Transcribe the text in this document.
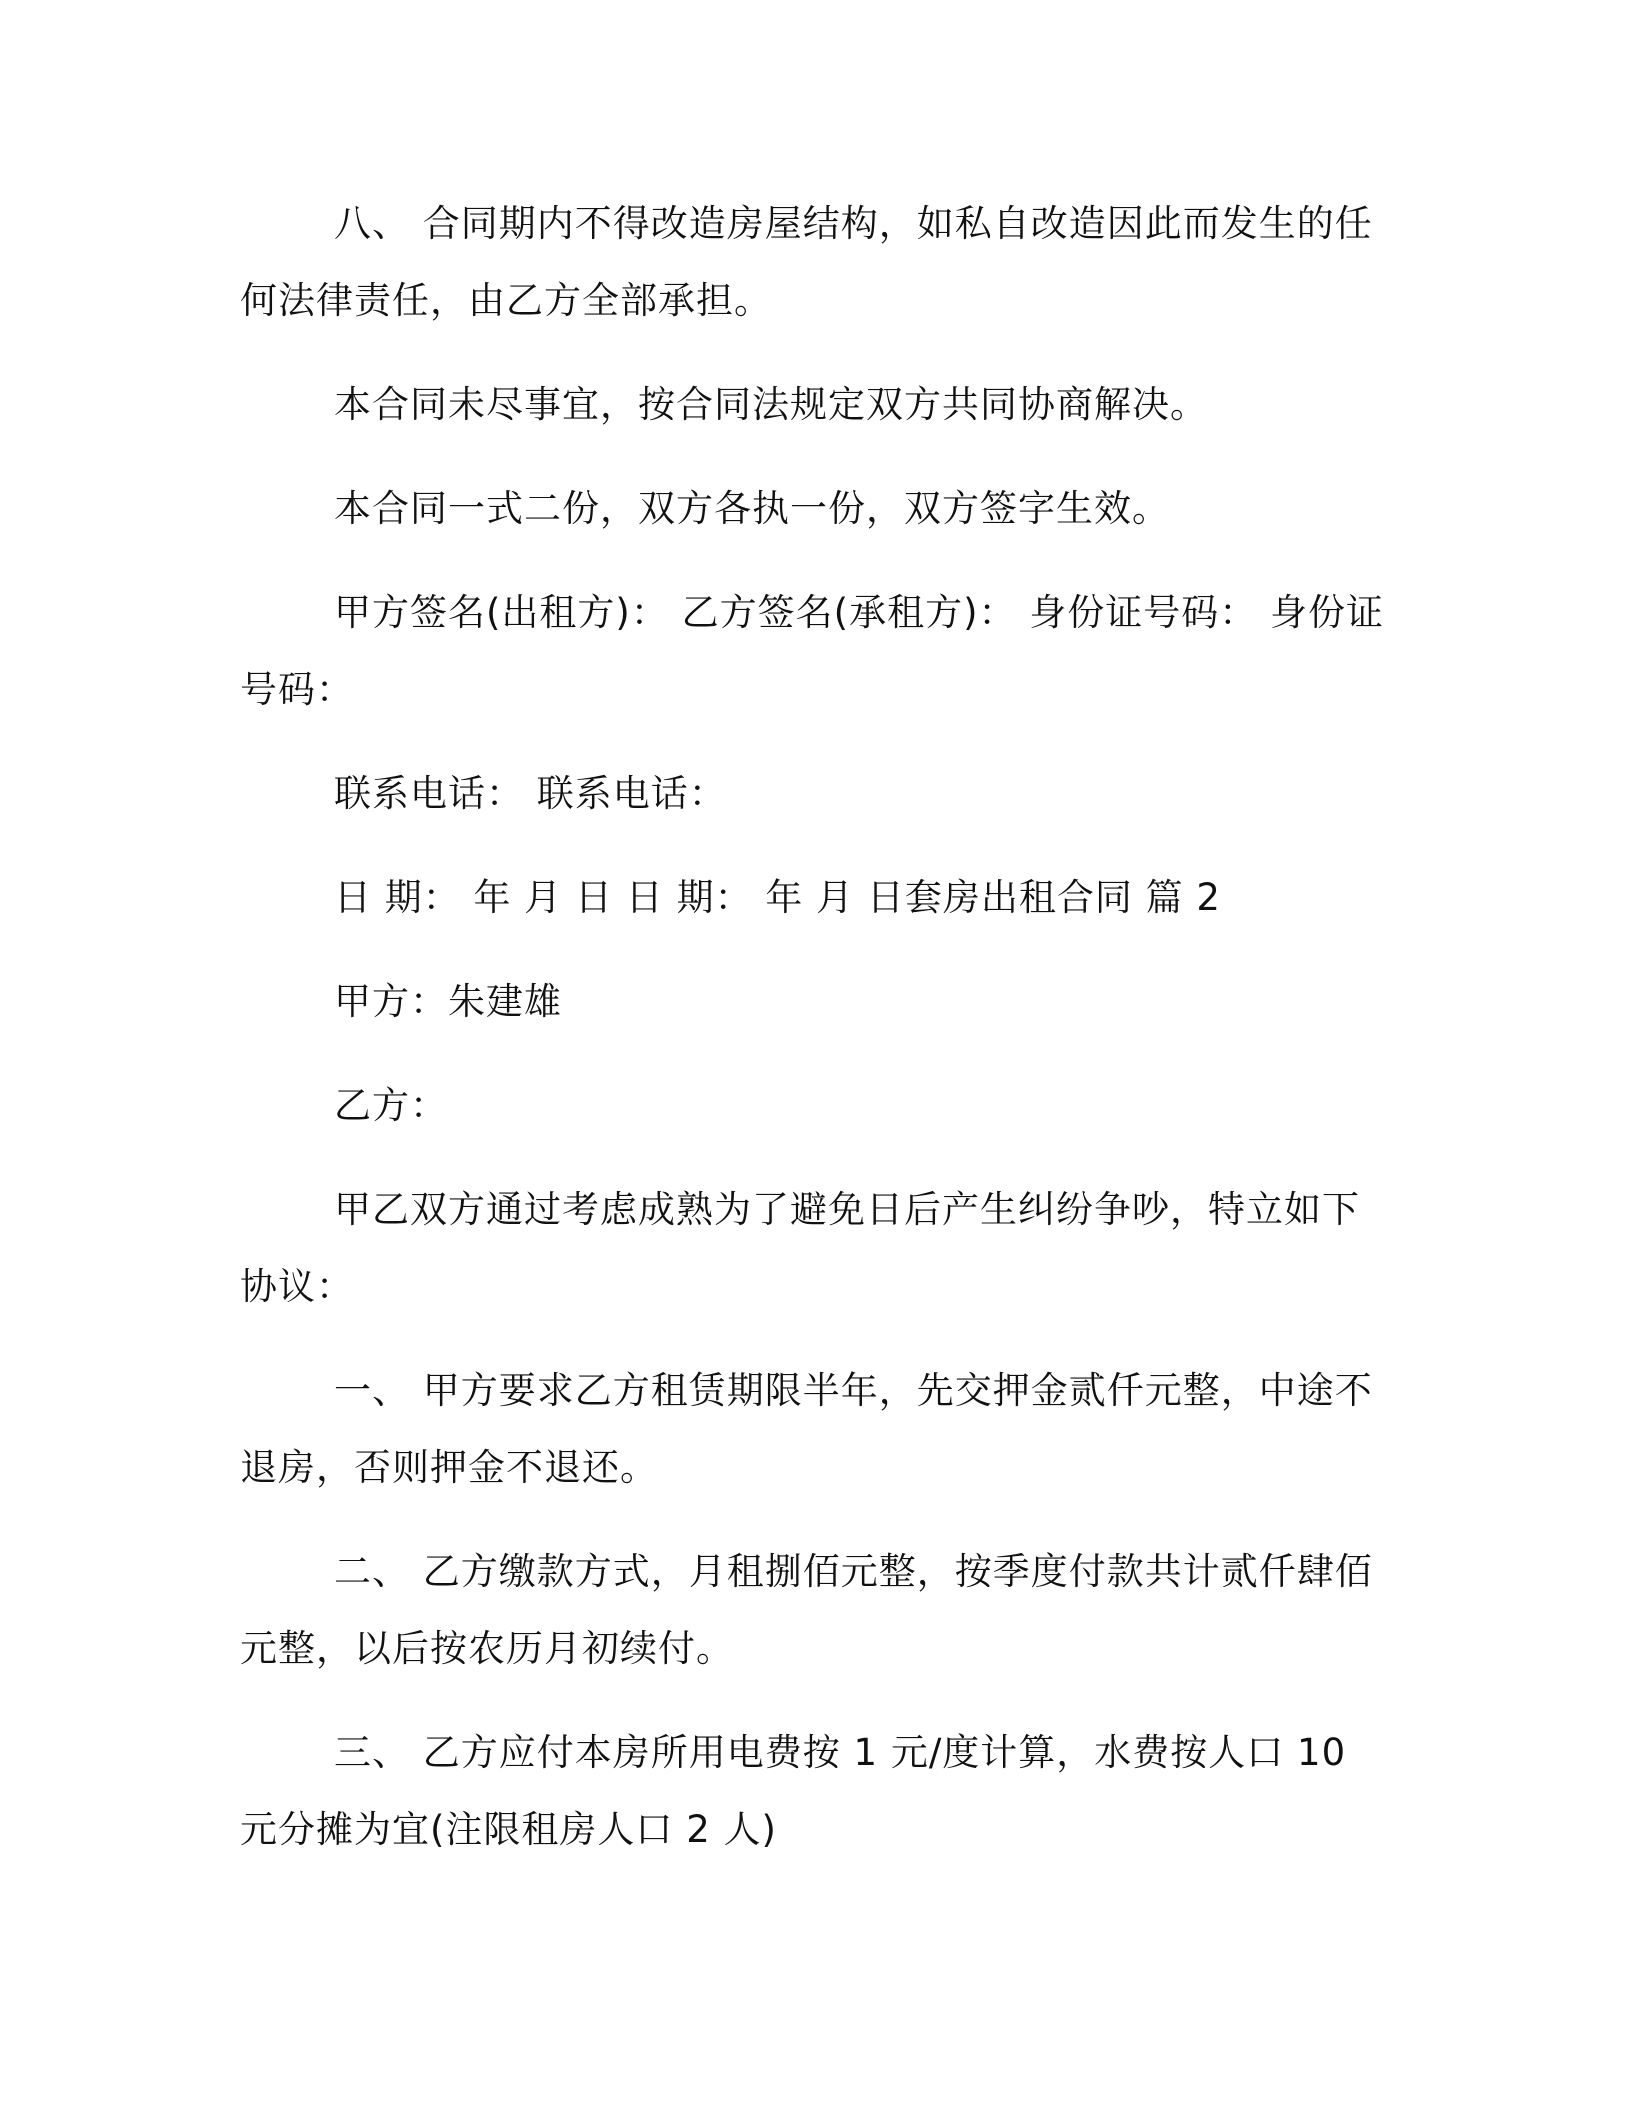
八、 合同期内不得改造房屋结构，如私自改造因此而发生的任何法律责任，由乙方全部承担。

本合同未尽事宜，按合同法规定双方共同协商解决。

本合同一式二份，双方各执一份，双方签字生效。

甲方签名(出租方)： 乙方签名(承租方)： 身份证号码： 身份证号码：

联系电话： 联系电话：

日 期： 年 月 日 日 期： 年 月 日套房出租合同 篇 2

甲方：朱建雄

乙方：

甲乙双方通过考虑成熟为了避免日后产生纠纷争吵，特立如下协议：

一、 甲方要求乙方租赁期限半年，先交押金贰仟元整，中途不退房，否则押金不退还。

二、 乙方缴款方式，月租捌佰元整，按季度付款共计贰仟肆佰元整，以后按农历月初续付。

三、 乙方应付本房所用电费按 1 元/度计算，水费按人口 10 元分摊为宜(注限租房人口 2 人)
